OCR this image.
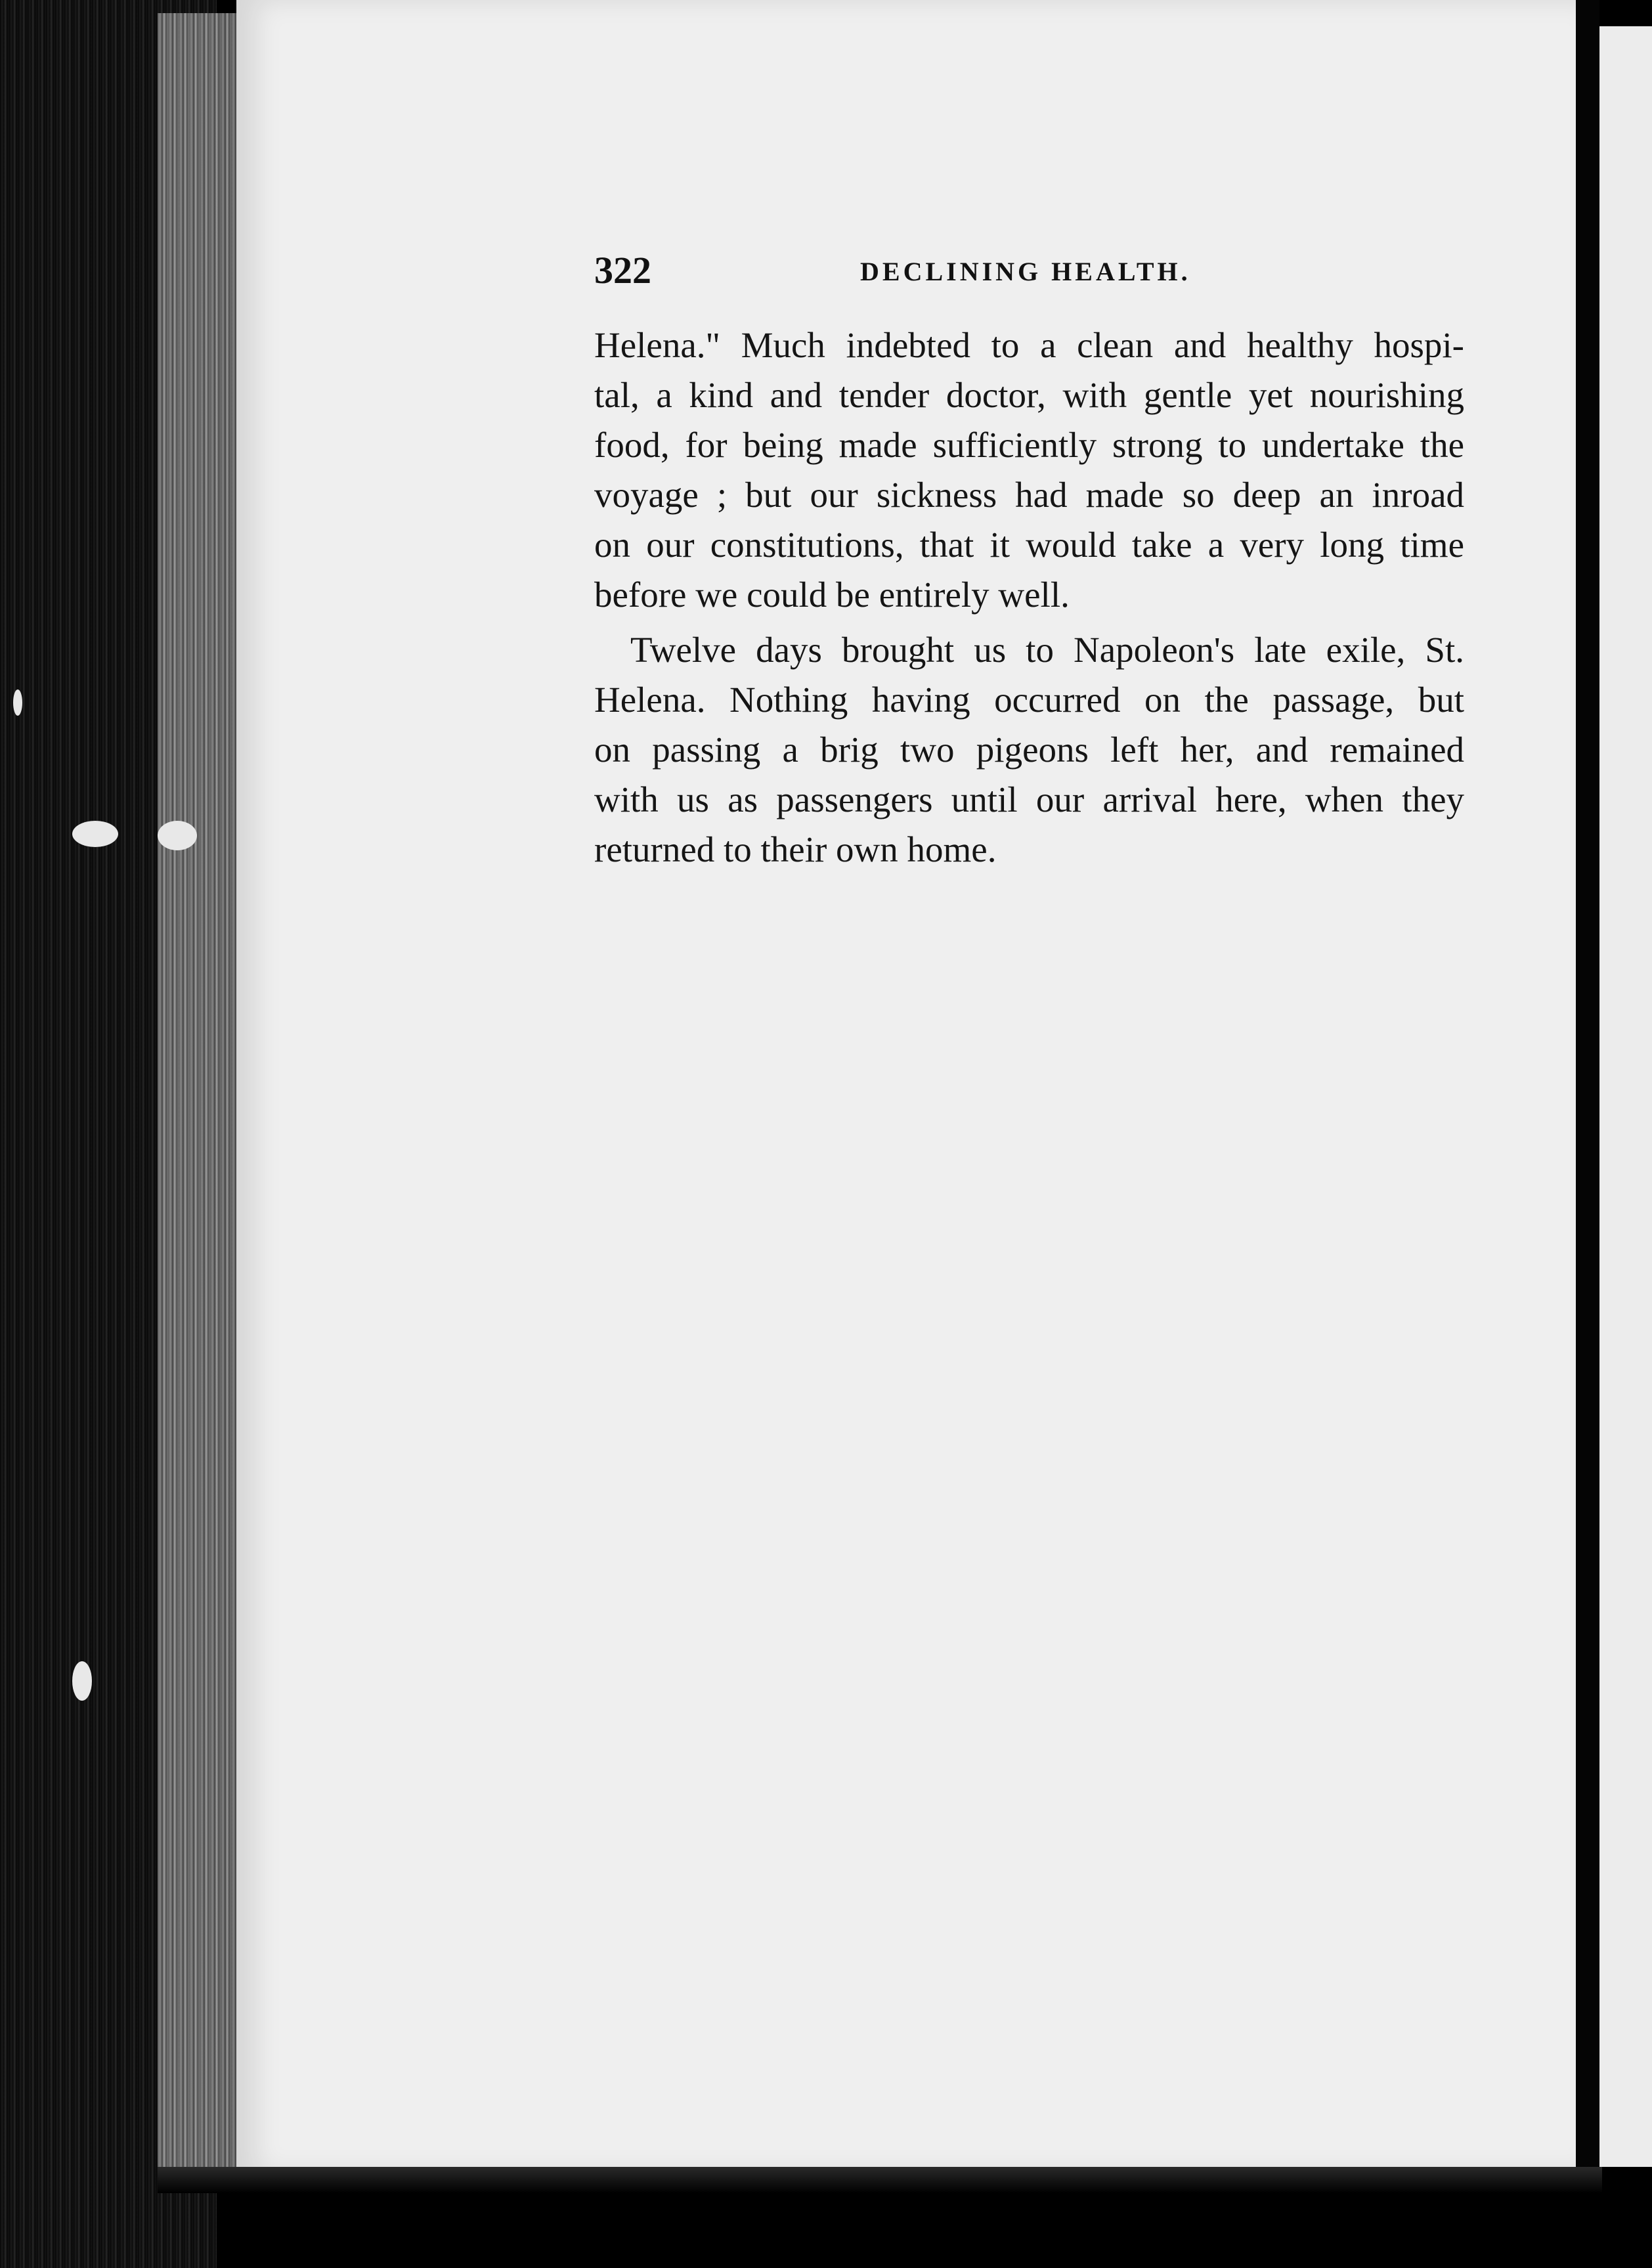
322	DECLINING HEALTH.

Helena." Much indebted to a clean and healthy hospi-
tal, a kind and tender doctor, with gentle yet nourishing
food, for being made sufficiently strong to undertake the
voyage ; but our sickness had made so deep an inroad
on our constitutions, that it would take a very long time
before we could be entirely well.

Twelve days brought us to Napoleon's late exile, St.
Helena. Nothing having occurred on the passage, but
on passing a brig two pigeons left her, and remained
with us as passengers until our arrival here, when they
returned to their own home.
